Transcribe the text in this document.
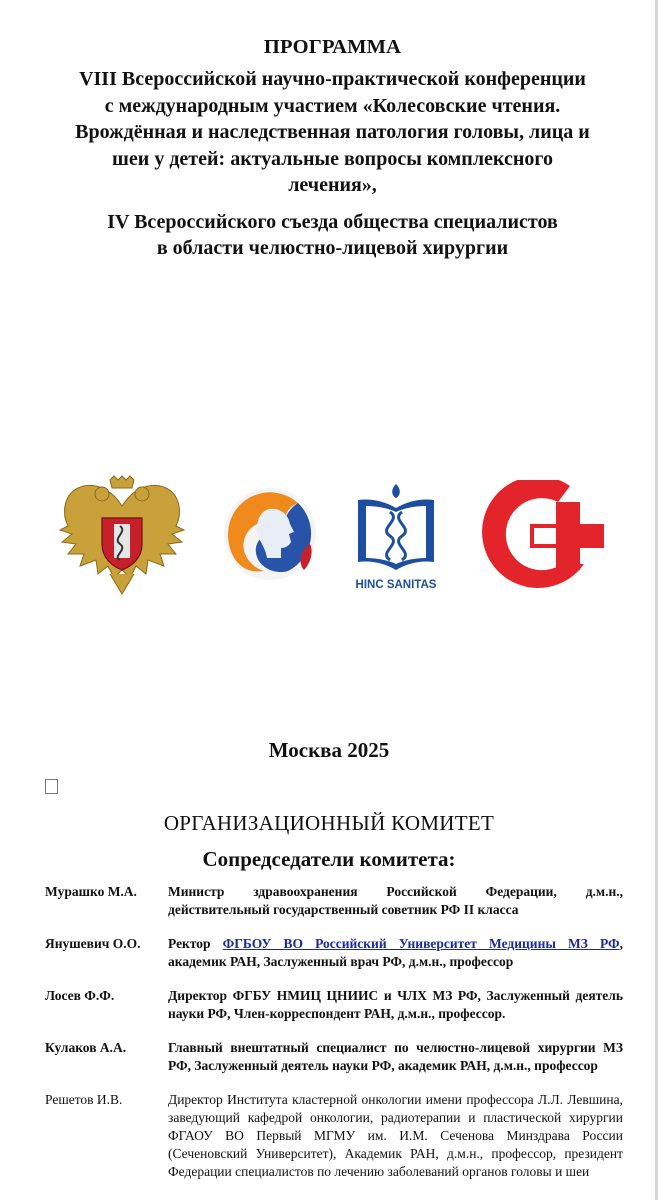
ПРОГРАММА
VIII Всероссийской научно-практической конференции
с международным участием «Колесовские чтения.
Врождённая и наследственная патология головы, лица и
шеи у детей: актуальные вопросы комплексного
лечения»,
IV Всероссийского съезда общества специалистов
в области челюстно-лицевой хирургии
HINC SANITAS
Москва 2025
ОРГАНИЗАЦИОННЫЙ КОМИТЕТ
Сопредседатели комитета:
Мурашко М.А.	Министр здравоохранения Российской Федерации, д.м.н., действительный государственный советник РФ II класса
Янушевич О.О.	Ректор ФГБОУ ВО Российский Университет Медицины МЗ РФ, академик РАН, Заслуженный врач РФ, д.м.н., профессор
Лосев Ф.Ф.	Директор ФГБУ НМИЦ ЦНИИС и ЧЛХ МЗ РФ, Заслуженный деятель науки РФ, Член-корреспондент РАН, д.м.н., профессор.
Кулаков А.А.	Главный внештатный специалист по челюстно-лицевой хирургии МЗ РФ, Заслуженный деятель науки РФ, академик РАН, д.м.н., профессор
Решетов И.В.	Директор Института кластерной онкологии имени профессора Л.Л. Левшина, заведующий кафедрой онкологии, радиотерапии и пластической хирургии ФГАОУ ВО Первый МГМУ им. И.М. Сеченова Минздрава России (Сеченовский Университет), Академик РАН, д.м.н., профессор, президент Федерации специалистов по лечению заболеваний органов головы и шеи
